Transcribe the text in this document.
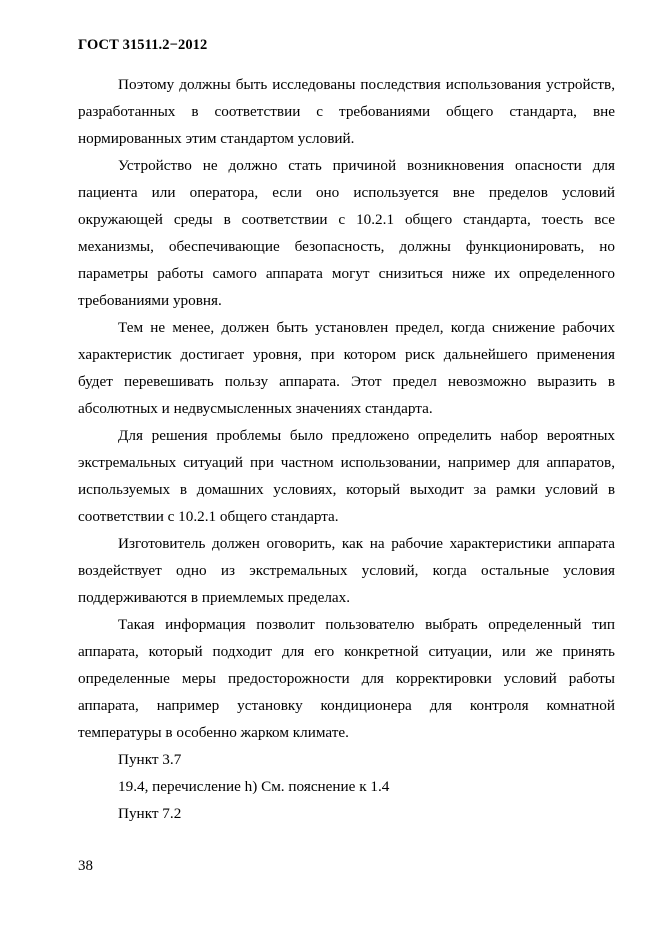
ГОСТ 31511.2−2012

Поэтому должны быть исследованы последствия использования устройств, разработанных в соответствии с требованиями общего стандарта, вне нормированных этим стандартом условий.

Устройство не должно стать причиной возникновения опасности для пациента или оператора, если оно используется вне пределов условий окружающей среды в соответствии с 10.2.1 общего стандарта, тоесть все механизмы, обеспечивающие безопасность, должны функционировать, но параметры работы самого аппарата могут снизиться ниже их определенного требованиями уровня.

Тем не менее, должен быть установлен предел, когда снижение рабочих характеристик достигает уровня, при котором риск дальнейшего применения будет перевешивать пользу аппарата. Этот предел невозможно выразить в абсолютных и недвусмысленных значениях стандарта.

Для решения проблемы было предложено определить набор вероятных экстремальных ситуаций при частном использовании, например для аппаратов, используемых в домашних условиях, который выходит за рамки условий в соответствии с 10.2.1 общего стандарта.

Изготовитель должен оговорить, как на рабочие характеристики аппарата воздействует одно из экстремальных условий, когда остальные условия поддерживаются в приемлемых пределах.

Такая информация позволит пользователю выбрать определенный тип аппарата, который подходит для его конкретной ситуации, или же принять определенные меры предосторожности для корректировки условий работы аппарата, например установку кондиционера для контроля комнатной температуры в особенно жарком климате.

Пункт 3.7

19.4, перечисление h) См. пояснение к 1.4

Пункт 7.2

38
